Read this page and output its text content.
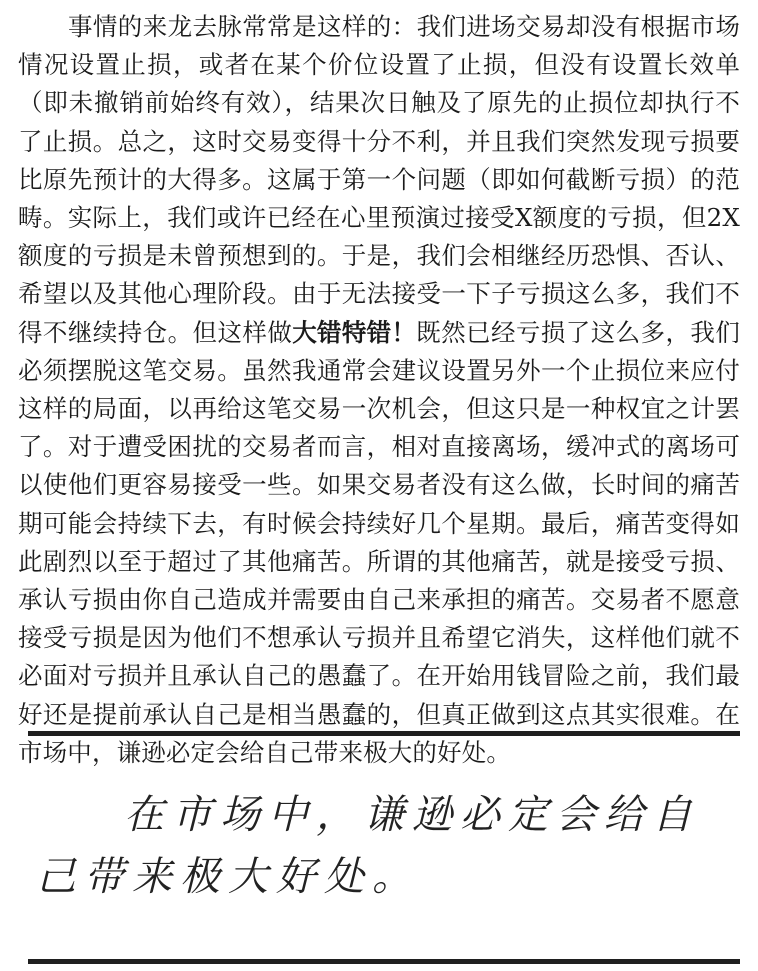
事情的来龙去脉常常是这样的：我们进场交易却没有根据市场情况设置止损，或者在某个价位设置了止损，但没有设置长效单（即未撤销前始终有效），结果次日触及了原先的止损位却执行不了止损。总之，这时交易变得十分不利，并且我们突然发现亏损要比原先预计的大得多。这属于第一个问题（即如何截断亏损）的范畴。实际上，我们或许已经在心里预演过接受X额度的亏损，但2X额度的亏损是未曾预想到的。于是，我们会相继经历恐惧、否认、希望以及其他心理阶段。由于无法接受一下子亏损这么多，我们不得不继续持仓。但这样做大错特错！既然已经亏损了这么多，我们必须摆脱这笔交易。虽然我通常会建议设置另外一个止损位来应付这样的局面，以再给这笔交易一次机会，但这只是一种权宜之计罢了。对于遭受困扰的交易者而言，相对直接离场，缓冲式的离场可以使他们更容易接受一些。如果交易者没有这么做，长时间的痛苦期可能会持续下去，有时候会持续好几个星期。最后，痛苦变得如此剧烈以至于超过了其他痛苦。所谓的其他痛苦，就是接受亏损、承认亏损由你自己造成并需要由自己来承担的痛苦。交易者不愿意接受亏损是因为他们不想承认亏损并且希望它消失，这样他们就不必面对亏损并且承认自己的愚蠢了。在开始用钱冒险之前，我们最好还是提前承认自己是相当愚蠢的，但真正做到这点其实很难。在市场中，谦逊必定会给自己带来极大的好处。

在市场中，谦逊必定会给自己带来极大好处。
